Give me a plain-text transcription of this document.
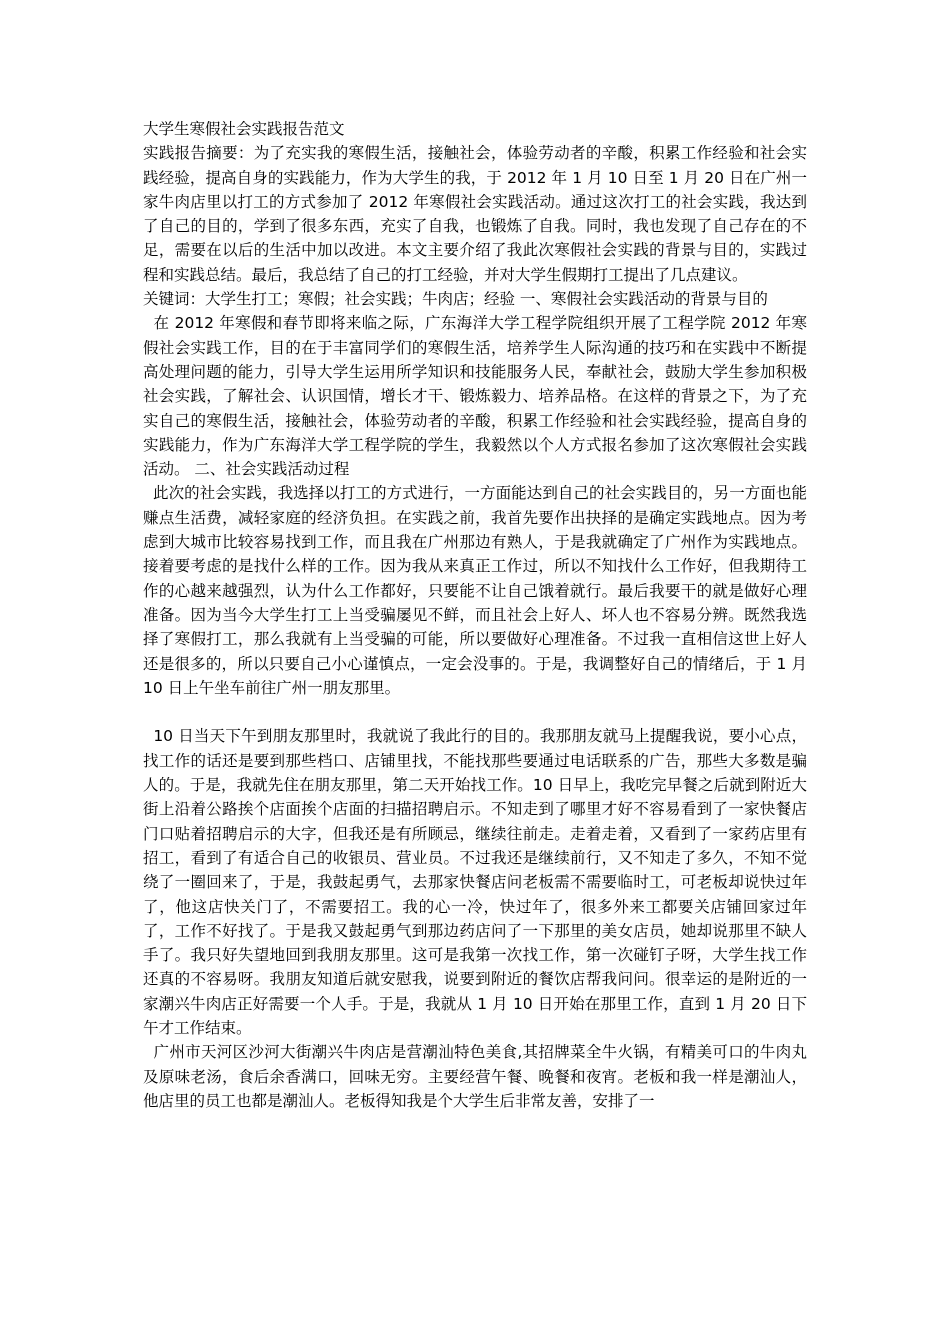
大学生寒假社会实践报告范文
实践报告摘要：为了充实我的寒假生活，接触社会，体验劳动者的辛酸，积累工作经验和社会实践经验，提高自身的实践能力，作为大学生的我，于 2012 年 1 月 10 日至 1 月 20 日在广州一家牛肉店里以打工的方式参加了 2012 年寒假社会实践活动。通过这次打工的社会实践，我达到了自己的目的，学到了很多东西，充实了自我，也锻炼了自我。同时，我也发现了自己存在的不足，需要在以后的生活中加以改进。本文主要介绍了我此次寒假社会实践的背景与目的，实践过程和实践总结。最后，我总结了自己的打工经验，并对大学生假期打工提出了几点建议。
关键词：大学生打工；寒假；社会实践；牛肉店；经验 一、寒假社会实践活动的背景与目的
在 2012 年寒假和春节即将来临之际，广东海洋大学工程学院组织开展了工程学院 2012 年寒假社会实践工作，目的在于丰富同学们的寒假生活，培养学生人际沟通的技巧和在实践中不断提高处理问题的能力，引导大学生运用所学知识和技能服务人民，奉献社会，鼓励大学生参加积极社会实践，了解社会、认识国情，增长才干、锻炼毅力、培养品格。在这样的背景之下，为了充实自己的寒假生活，接触社会，体验劳动者的辛酸，积累工作经验和社会实践经验，提高自身的实践能力，作为广东海洋大学工程学院的学生，我毅然以个人方式报名参加了这次寒假社会实践活动。 二、社会实践活动过程
此次的社会实践，我选择以打工的方式进行，一方面能达到自己的社会实践目的，另一方面也能赚点生活费，减轻家庭的经济负担。在实践之前，我首先要作出抉择的是确定实践地点。因为考虑到大城市比较容易找到工作，而且我在广州那边有熟人，于是我就确定了广州作为实践地点。接着要考虑的是找什么样的工作。因为我从来真正工作过，所以不知找什么工作好，但我期待工作的心越来越强烈，认为什么工作都好，只要能不让自己饿着就行。最后我要干的就是做好心理准备。因为当今大学生打工上当受骗屡见不鲜，而且社会上好人、坏人也不容易分辨。既然我选择了寒假打工，那么我就有上当受骗的可能，所以要做好心理准备。不过我一直相信这世上好人还是很多的，所以只要自己小心谨慎点，一定会没事的。于是，我调整好自己的情绪后，于 1 月 10 日上午坐车前往广州一朋友那里。
10 日当天下午到朋友那里时，我就说了我此行的目的。我那朋友就马上提醒我说，要小心点，找工作的话还是要到那些档口、店铺里找，不能找那些要通过电话联系的广告，那些大多数是骗人的。于是，我就先住在朋友那里，第二天开始找工作。10 日早上，我吃完早餐之后就到附近大街上沿着公路挨个店面挨个店面的扫描招聘启示。不知走到了哪里才好不容易看到了一家快餐店门口贴着招聘启示的大字，但我还是有所顾忌，继续往前走。走着走着，又看到了一家药店里有招工，看到了有适合自己的收银员、营业员。不过我还是继续前行，又不知走了多久，不知不觉绕了一圈回来了，于是，我鼓起勇气，去那家快餐店问老板需不需要临时工，可老板却说快过年了，他这店快关门了，不需要招工。我的心一冷，快过年了，很多外来工都要关店铺回家过年了，工作不好找了。于是我又鼓起勇气到那边药店问了一下那里的美女店员，她却说那里不缺人手了。我只好失望地回到我朋友那里。这可是我第一次找工作，第一次碰钉子呀，大学生找工作还真的不容易呀。我朋友知道后就安慰我，说要到附近的餐饮店帮我问问。很幸运的是附近的一家潮兴牛肉店正好需要一个人手。于是，我就从 1 月 10 日开始在那里工作，直到 1 月 20 日下午才工作结束。
广州市天河区沙河大街潮兴牛肉店是营潮汕特色美食,其招牌菜全牛火锅，有精美可口的牛肉丸及原味老汤，食后余香满口，回味无穷。主要经营午餐、晚餐和夜宵。老板和我一样是潮汕人，他店里的员工也都是潮汕人。老板得知我是个大学生后非常友善，安排了一
